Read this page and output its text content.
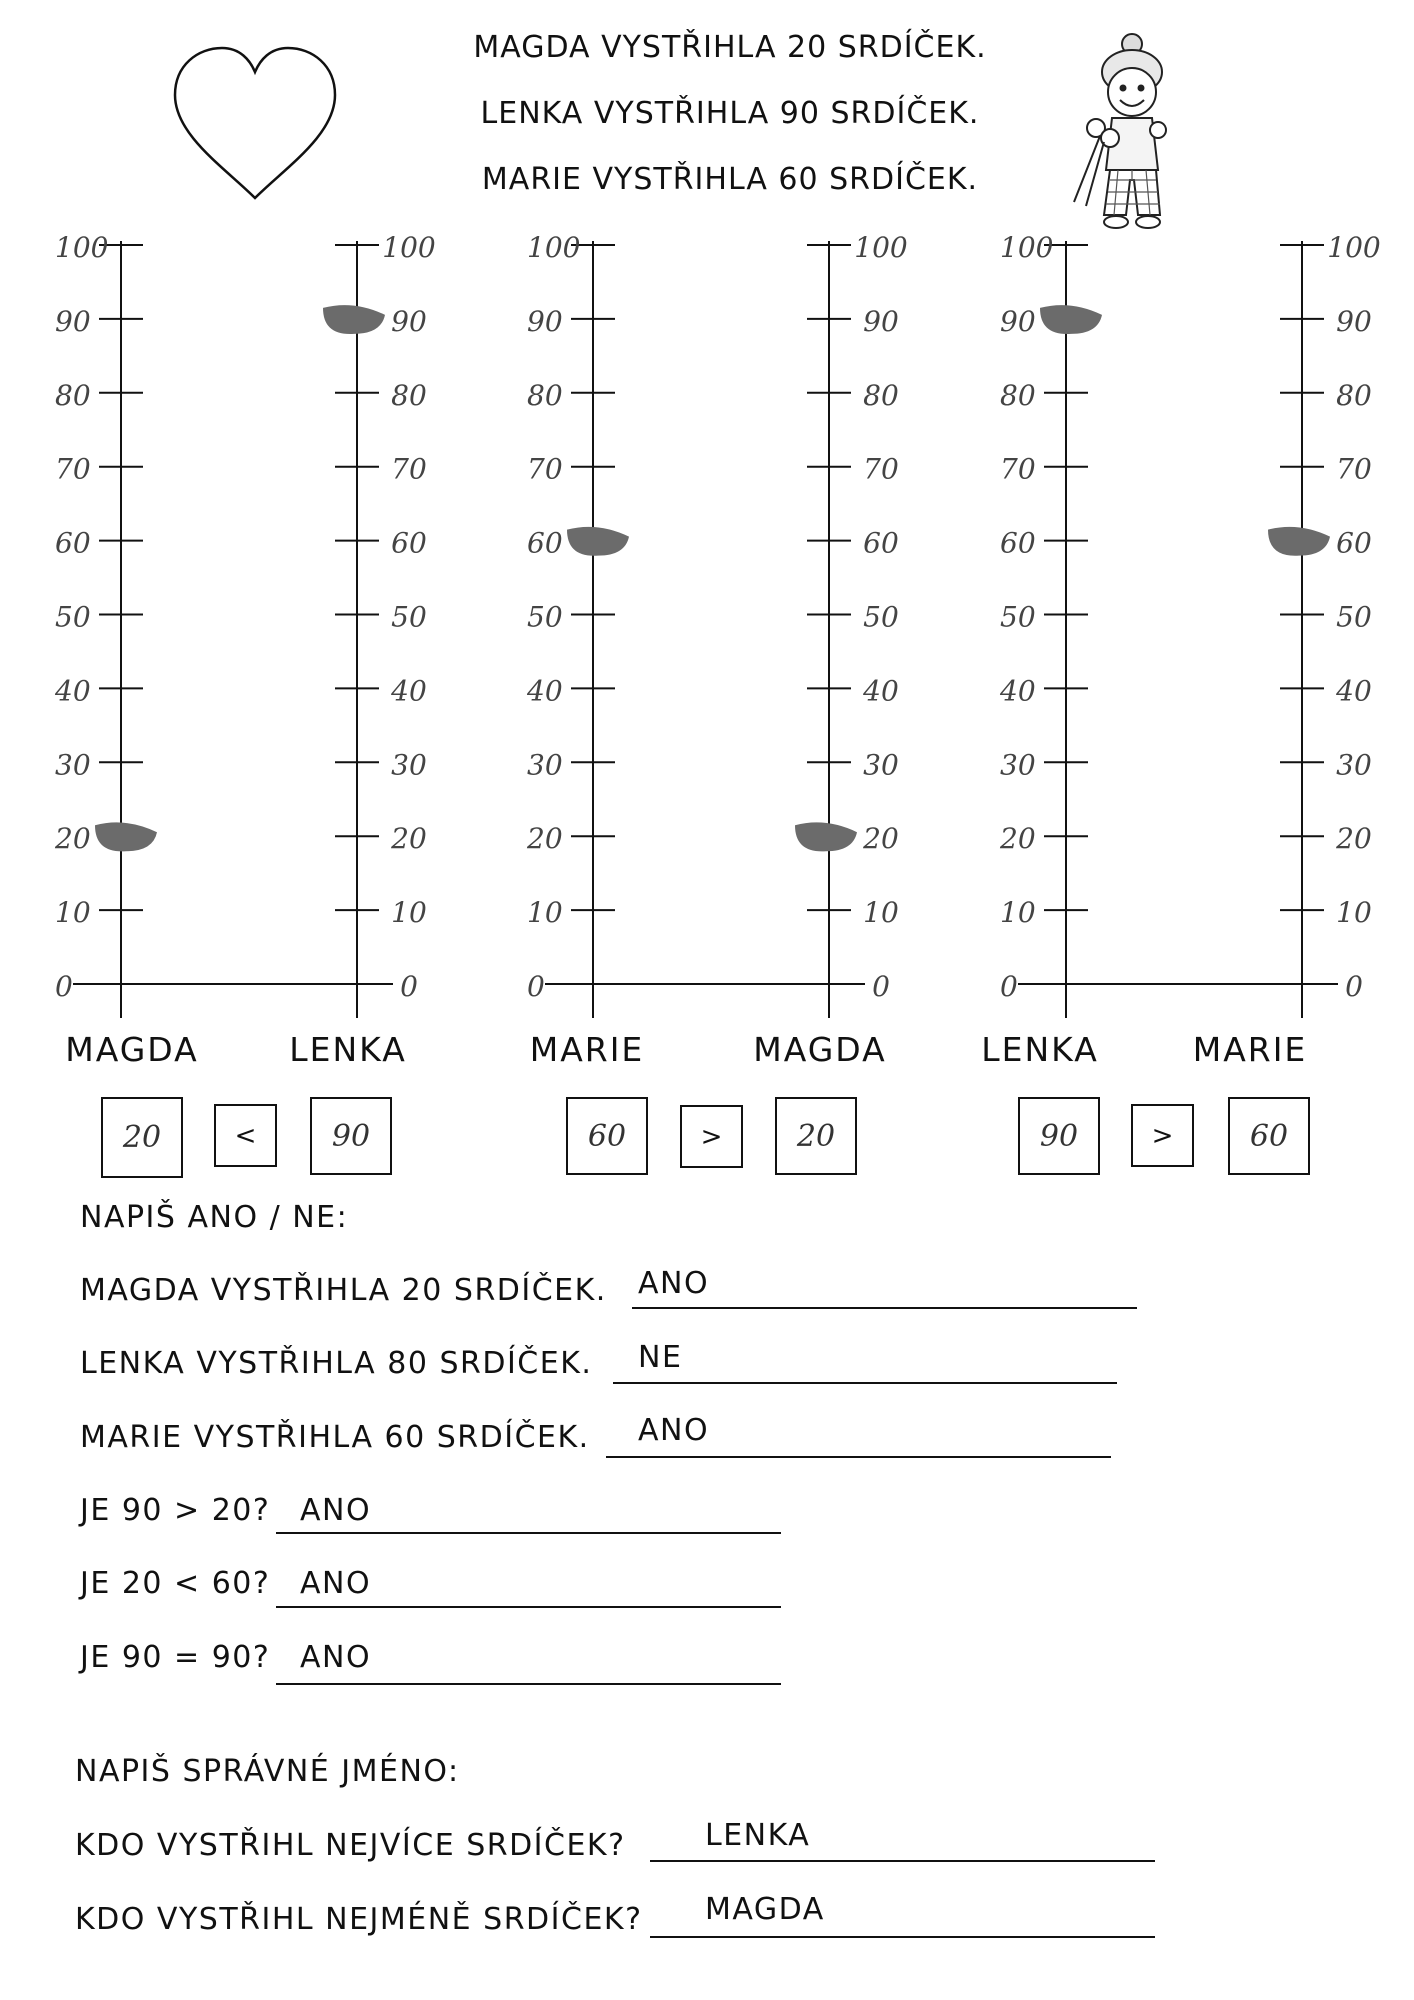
MAGDA VYSTŘIHLA 20 SRDÍČEK.
LENKA VYSTŘIHLA 90 SRDÍČEK.
MARIE VYSTŘIHLA 60 SRDÍČEK.
0
10
20
30
40
50
60
70
80
90
100
0
10
20
30
40
50
60
70
80
90
100
0
10
20
30
40
50
60
70
80
90
100
0
10
20
30
40
50
60
70
80
90
100
0
10
20
30
40
50
60
70
80
90
100
0
10
20
30
40
50
60
70
80
90
100
MAGDA	LENKA	MARIE	MAGDA	LENKA	MARIE
20	<	90	60	>	20	90	>	60
NAPIŠ ANO / NE:
MAGDA VYSTŘIHLA 20 SRDÍČEK. ANO
LENKA VYSTŘIHLA 80 SRDÍČEK. NE
MARIE VYSTŘIHLA 60 SRDÍČEK. ANO
JE 90 > 20? ANO
JE 20 < 60? ANO
JE 90 = 90? ANO
NAPIŠ SPRÁVNÉ JMÉNO:
KDO VYSTŘIHL NEJVÍCE SRDÍČEK?	LENKA
KDO VYSTŘIHL NEJMÉNĚ SRDÍČEK? MAGDA
